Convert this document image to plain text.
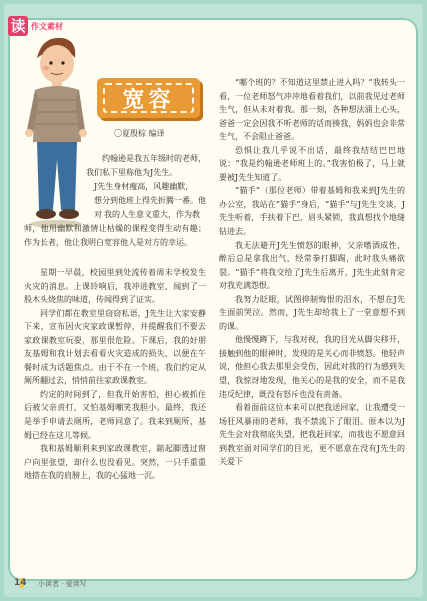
读 作文素材
宽容
〇夏殷棕 编译

约翰逊是我五年级时的老师，

我们私下里称他为J先生。

J先生身材瘦高，风趣幽默，

想分到他班上得先折腾一番。他对 我的人生意义重大，作为教

师，他用幽默和激情让枯燥的课程变得生动有趣；作为长者，他让我明白宽容他人是对方的幸运。

星期一早晨，校园里到处流传着周末学校发生火灾的消息。上课铃响后，我冲进教室，闻到了一股木头烧焦的味道，传闻得到了证实。

同学们都在教室里窃窃私语，J先生让大家安静下来，宣布因火灾家政课暂停，并提醒我们不要去家政课教室玩耍，那里很危险。下课后，我的好朋友基姆和我计划去看看火灾造成的损失，以便在午餐时成为话题焦点。由于不在一个班，我们约定从厕所翻过去，悄悄前往家政课教室。

约定的时间到了，但我开始害怕，担心被抓住后被父亲责打，又怕基姆嘲笑我胆小。最终，我还是举手申请去厕所，老师同意了。我来到厕所，基姆已经在这儿等候。

我和基姆顺利来到家政课教室，踮起脚透过窗户向里张望，却什么也没看见。突然，一只手重重地搭在我的肩膀上，我的心猛地一沉。

“哪个班的？不知道这里禁止进入吗？”我转头一看，一位老师怒气冲冲地看着我们，以前我见过老师生气，但从未对着我。那一刻，各种想法涌上心头，爸爸一定会因我不听老师的话而揍我，妈妈也会非常生气，不会阻止爸爸。

恐惧让我几乎说不出话，最终我结结巴巴地说：“我是约翰逊老师班上的。”我害怕极了，马上就要被J先生知道了。

“猫手”（那位老师）带着基姆和我来到J先生的办公室，我站在“猫手”身后，“猫手”与J先生交谈，J先生听着，手扶着下巴，眉头紧锁，我真想找个地缝钻进去。

我无法避开J先生愤怒的眼神，父亲嗜酒成性，醉后总是拿我出气，经常拳打脚踢，此时我头痛欲裂。“猫手”将我交给了J先生后离开，J先生此刻肯定对我充满怨恨。

我努力眨眼，试图抑制悔恨的泪水，不想在J先生面前哭泣。然而，J先生却给我上了一堂意想不到的课。

他慢慢蹲下，与我对视，我的目光从脚尖移开，接触到他的眼神时，发现的是关心而非愤怒。他轻声说，他担心我去那里会受伤，因此对我的行为感到失望，我惊讶地发现，他关心的是我的安全，而不是我违反纪律，既没有怒斥也没有责备。

看着面前这位本来可以把我送回家，让我遭受一场狂风暴雨的老师，我不禁流下了眼泪。原本以为J先生会对我彻底失望，把我赶回家，而我也不愿意回到教室面对同学们的目光，更不愿意在没有J先生的关爱下

14 小读者 · 爱读写
